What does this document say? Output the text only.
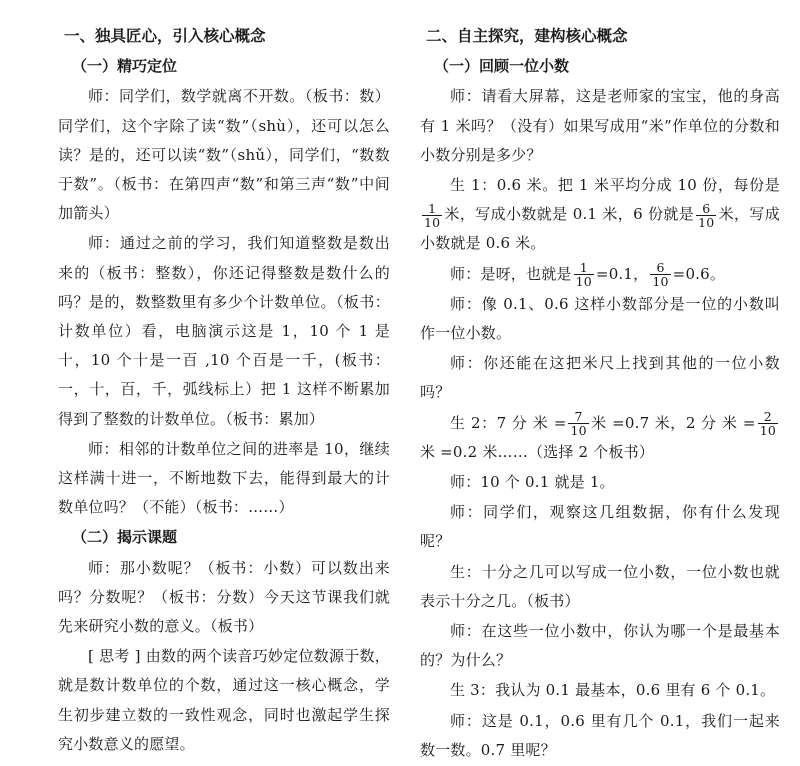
一、独具匠心，引入核心概念
（一）精巧定位

师：同学们，数学就离不开数。（板书：数）同学们，这个字除了读“数”（shù），还可以怎么读？是的，还可以读“数”（shǔ），同学们，“数数于数”。（板书：在第四声“数”和第三声“数”中间加箭头）

师：通过之前的学习，我们知道整数是数出来的（板书：整数），你还记得整数是数什么的吗？是的，数整数里有多少个计数单位。（板书：计数单位）看，电脑演示这是 1，10 个 1 是十，10 个十是一百 ,10 个百是一千，(板书：一，十，百，千，弧线标上）把 1 这样不断累加得到了整数的计数单位。（板书：累加）

师：相邻的计数单位之间的进率是 10，继续这样满十进一，不断地数下去，能得到最大的计数单位吗？（不能）（板书：……）

（二）揭示课题

师：那小数呢？（板书：小数）可以数出来吗？分数呢？（板书：分数）今天这节课我们就先来研究小数的意义。（板书）

[ 思考 ] 由数的两个读音巧妙定位数源于数，就是数计数单位的个数，通过这一核心概念，学生初步建立数的一致性观念，同时也激起学生探究小数意义的愿望。

二、自主探究，建构核心概念
（一）回顾一位小数

师：请看大屏幕，这是老师家的宝宝，他的身高有 1 米吗？（没有）如果写成用“米”作单位的分数和小数分别是多少？

生 1：0.6 米。把 1 米平均分成 10 份，每份是
$\frac{1}{10}$ 米，写成小数就是 0.1 米，6 份就是 $\frac{6}{10}$ 米，写成小数就是 0.6 米。

师：是呀，也就是 $\frac{1}{10} =0.1$， $\frac{6}{10} =0.6$。

师：像 0.1、0.6 这样小数部分是一位的小数叫作一位小数。

师：你还能在这把米尺上找到其他的一位小数吗？

生 2：7 分 米 = $\frac{7}{10}$ 米 =0.7 米，2 分 米 = $\frac{2}{10}$
米 =0.2 米……（选择 2 个板书）

师：10 个 0.1 就是 1。

师：同学们，观察这几组数据，你有什么发现呢？

生：十分之几可以写成一位小数，一位小数也就表示十分之几。（板书）

师：在这些一位小数中，你认为哪一个是最基本的？为什么？

生 3：我认为 0.1 最基本，0.6 里有 6 个 0.1。

师：这是 0.1，0.6 里有几个 0.1，我们一起来数一数。0.7 里呢？
